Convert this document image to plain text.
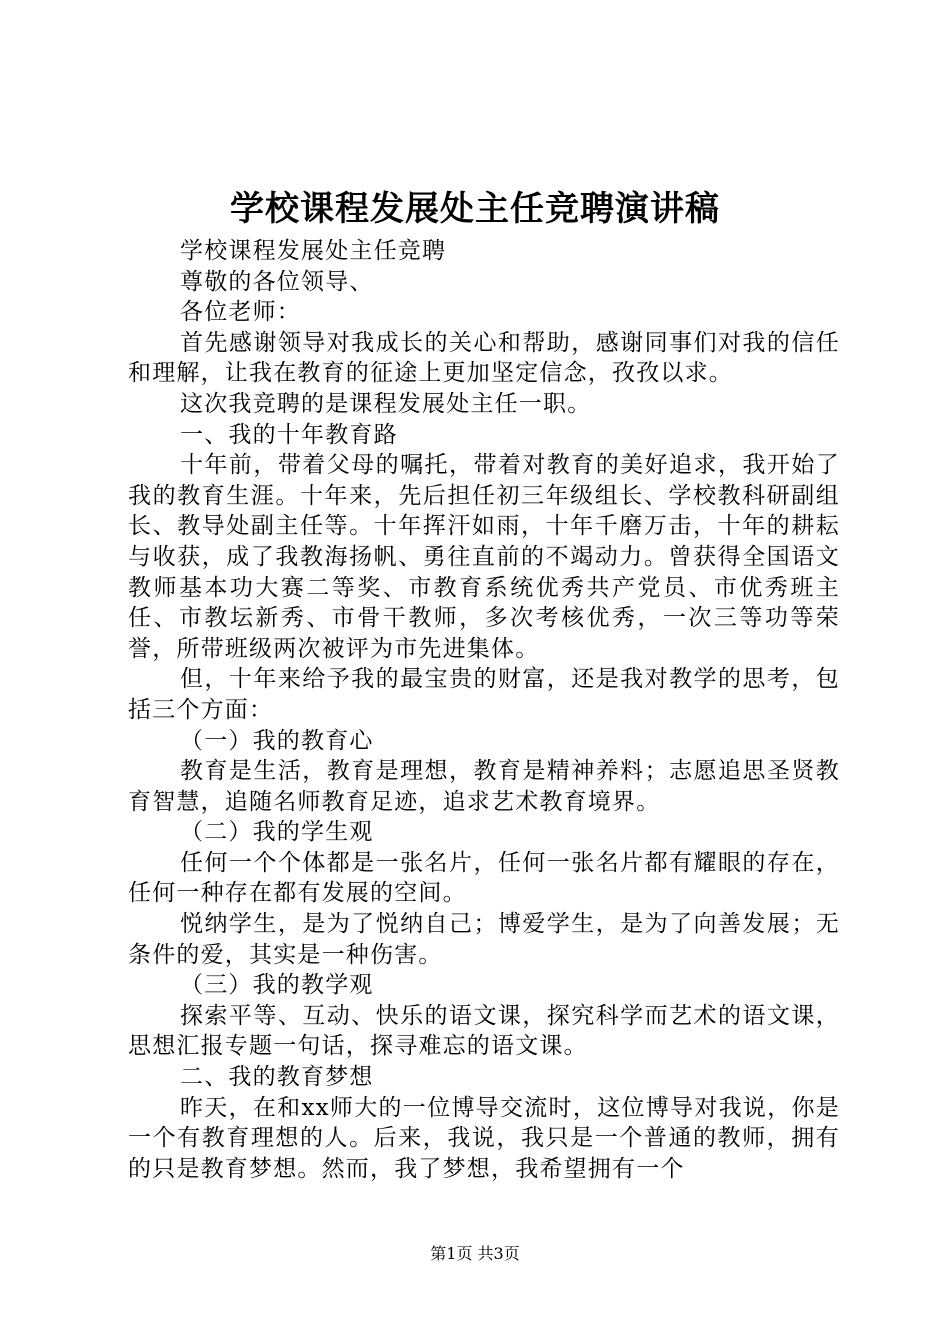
学校课程发展处主任竞聘演讲稿

学校课程发展处主任竞聘

尊敬的各位领导、

各位老师：

首先感谢领导对我成长的关心和帮助，感谢同事们对我的信任和理解，让我在教育的征途上更加坚定信念，孜孜以求。

这次我竞聘的是课程发展处主任一职。

一、我的十年教育路

十年前，带着父母的嘱托，带着对教育的美好追求，我开始了我的教育生涯。十年来，先后担任初三年级组长、学校教科研副组长、教导处副主任等。十年挥汗如雨，十年千磨万击，十年的耕耘与收获，成了我教海扬帆、勇往直前的不竭动力。曾获得全国语文教师基本功大赛二等奖、市教育系统优秀共产党员、市优秀班主任、市教坛新秀、市骨干教师，多次考核优秀，一次三等功等荣誉，所带班级两次被评为市先进集体。

但，十年来给予我的最宝贵的财富，还是我对教学的思考，包括三个方面：

（一）我的教育心

教育是生活，教育是理想，教育是精神养料；志愿追思圣贤教育智慧，追随名师教育足迹，追求艺术教育境界。

（二）我的学生观

任何一个个体都是一张名片，任何一张名片都有耀眼的存在，任何一种存在都有发展的空间。

悦纳学生，是为了悦纳自己；博爱学生，是为了向善发展；无条件的爱，其实是一种伤害。

（三）我的教学观

探索平等、互动、快乐的语文课，探究科学而艺术的语文课，思想汇报专题一句话，探寻难忘的语文课。

二、我的教育梦想

昨天，在和xx师大的一位博导交流时，这位博导对我说，你是一个有教育理想的人。后来，我说，我只是一个普通的教师，拥有的只是教育梦想。然而，我了梦想，我希望拥有一个

第1页 共3页
